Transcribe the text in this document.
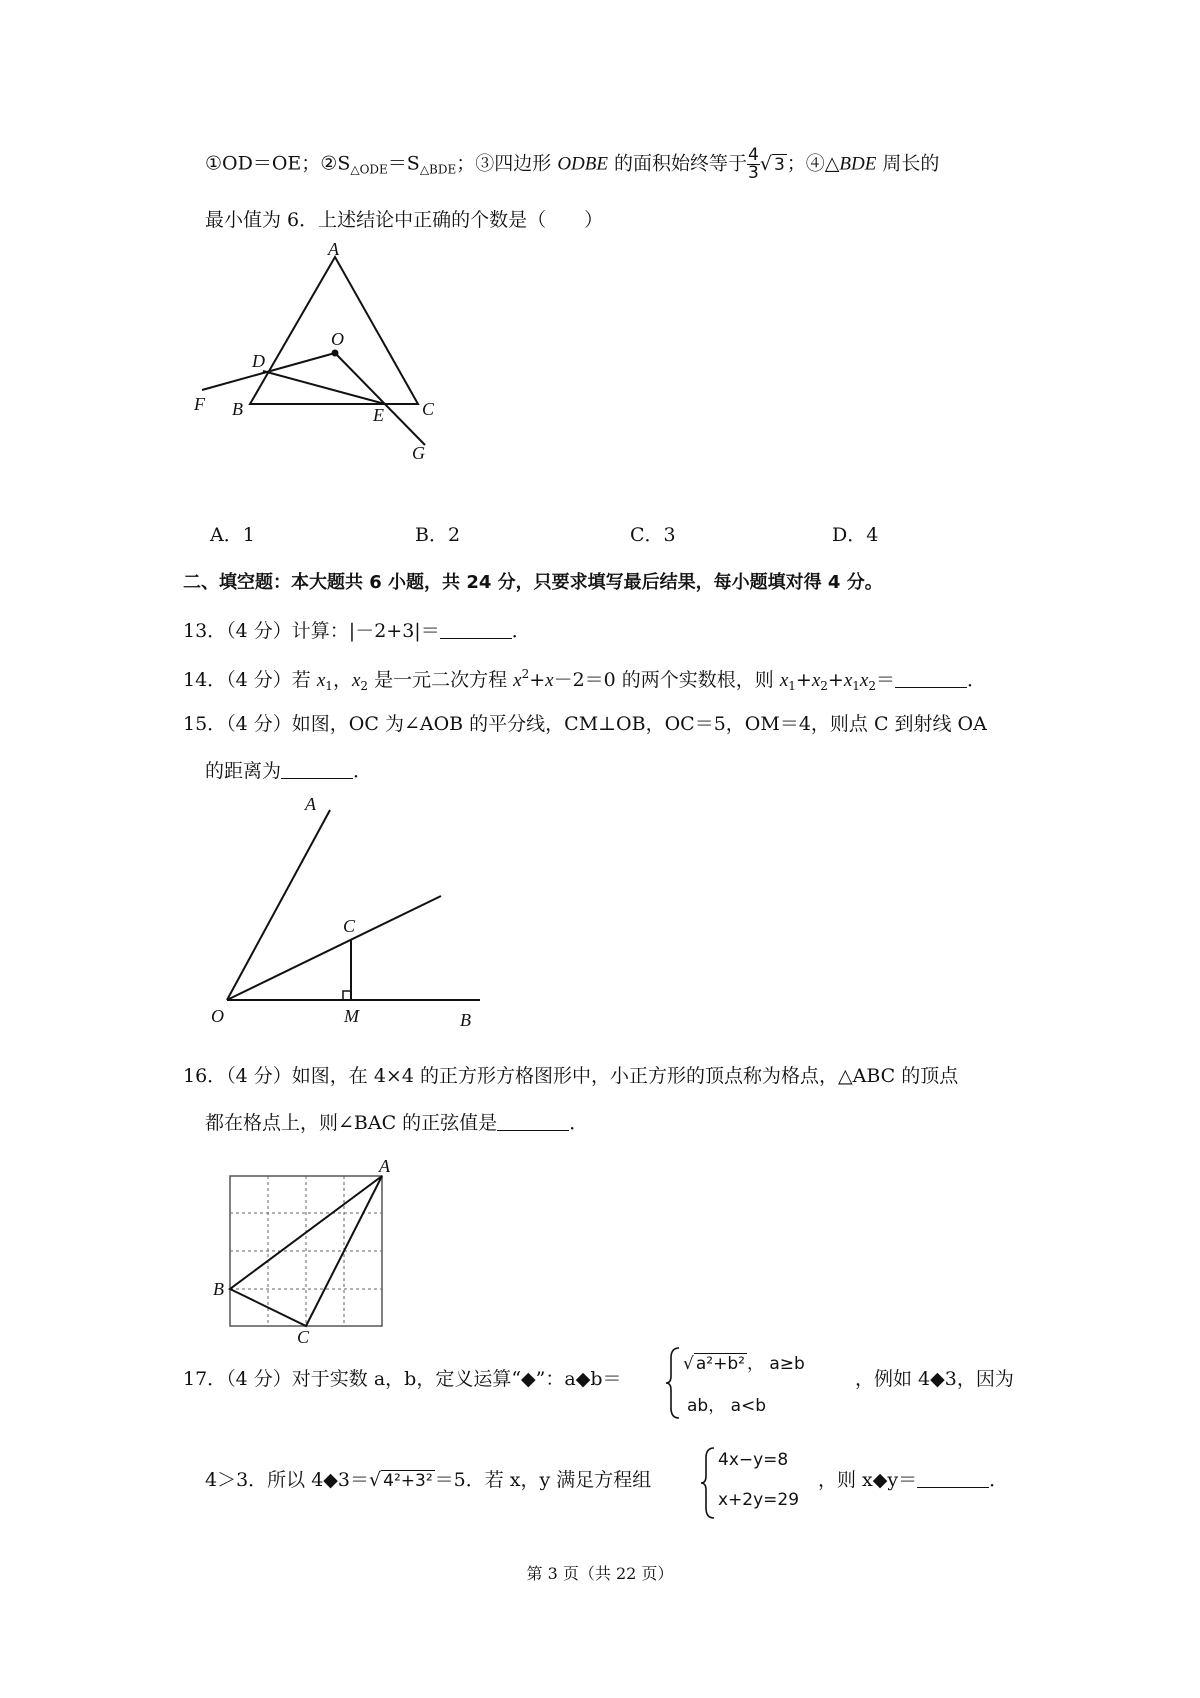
①OD＝OE；$②S_{\triangle ODE}=S_{\triangle BDE}$；③四边形 ODBE 的面积始终等于 $\frac{4}{3}$ √ 3 ；④△BDE 周长的
最小值为 6．上述结论中正确的个数是（　　）
A
O
D
F B	E C
G
A．1	B．2	C．3	D．4
二、填空题：本大题共 6 小题，共 24 分，只要求填写最后结果，每小题填对得 4 分。
13．（4 分）计算：|－2+3|＝	．
14．（4 分）若 $x_1$，$x_2$ 是一元二次方程 $x^2+x-2=0$ 的两个实数根，则 $x_1+x_2+x_1x_2=$	．
15．（4 分）如图，OC 为∠AOB 的平分线，CM⊥OB，OC＝5，OM＝4，则点 C 到射线 OA
的距离为	．
A
C
O	M	B
16．（4 分）如图，在 4×4 的正方形方格图形中，小正方形的顶点称为格点，△ABC 的顶点
都在格点上，则∠BAC 的正弦值是	．
A
B
C
17．（4 分）对于实数 a，b，定义运算“◆”：a◆b＝
√ a²+b² ， a≥b
ab， a<b
，例如 4◆3，因为
4＞3．所以 4◆3＝√ 4²+3² ＝5．若 x，y 满足方程组
4x−y=8
x+2y=29
，则 x◆y＝	．
第 3 页（共 22 页）
